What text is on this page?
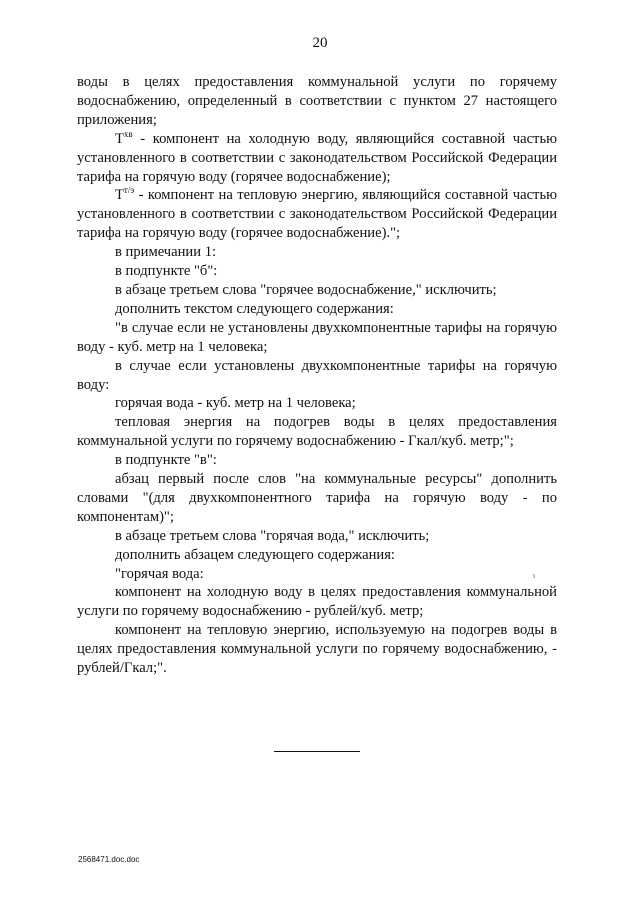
20

воды в целях предоставления коммунальной услуги по горячему водоснабжению, определенный в соответствии с пунктом 27 настоящего приложения;

$T^{хв}$ - компонент на холодную воду, являющийся составной частью установленного в соответствии с законодательством Российской Федерации тарифа на горячую воду (горячее водоснабжение);

$T^{т/э}$ - компонент на тепловую энергию, являющийся составной частью установленного в соответствии с законодательством Российской Федерации тарифа на горячую воду (горячее водоснабжение).";

в примечании 1:

в подпункте "б":

в абзаце третьем слова "горячее водоснабжение," исключить;

дополнить текстом следующего содержания:

"в случае если не установлены двухкомпонентные тарифы на горячую воду - куб. метр на 1 человека;

в случае если установлены двухкомпонентные тарифы на горячую воду:

горячая вода - куб. метр на 1 человека;

тепловая энергия на подогрев воды в целях предоставления коммунальной услуги по горячему водоснабжению - Гкал/куб. метр;";

в подпункте "в":

абзац первый после слов "на коммунальные ресурсы" дополнить словами "(для двухкомпонентного тарифа на горячую воду - по компонентам)";

в абзаце третьем слова "горячая вода," исключить;

дополнить абзацем следующего содержания:

"горячая вода:

компонент на холодную воду в целях предоставления коммунальной услуги по горячему водоснабжению - рублей/куб. метр;

компонент на тепловую энергию, используемую на подогрев воды в целях предоставления коммунальной услуги по горячему водоснабжению, - рублей/Гкал;".

ι
2568471.doc.doc
